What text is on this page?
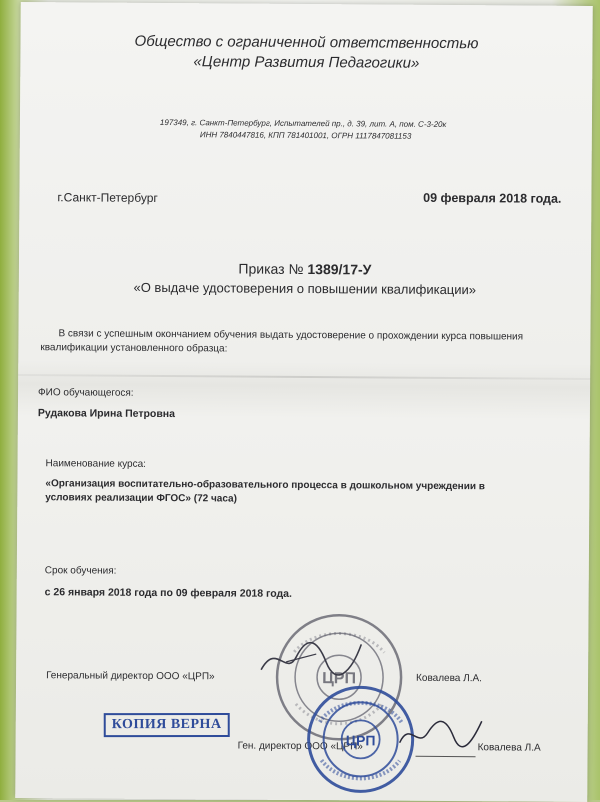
Общество с ограниченной ответственностью
«Центр Развития Педагогики»
197349, г. Санкт-Петербург, Испытателей пр., д. 39, лит. А, пом. С-3-20к
ИНН 7840447816, КПП 781401001, ОГРН 1117847081153
г.Санкт-Петербург	09 февраля 2018 года.
Приказ № 1389/17-У
«О выдаче удостоверения о повышении квалификации»
В связи с успешным окончанием обучения выдать удостоверение о прохождении курса повышения
квалификации установленного образца:
ФИО обучающегося:
Рудакова Ирина Петровна
Наименование курса:
«Организация воспитательно-образовательного процесса в дошкольном учреждении в
условиях реализации ФГОС» (72 часа)
Срок обучения:
с 26 января 2018 года по 09 февраля 2018 года.
Генеральный директор ООО «ЦРП»	Ковалева Л.А.
ЦРП
КОПИЯ ВЕРНА
Ген. директор ООО «ЦРП»	Ковалева Л.А
ЦРП
